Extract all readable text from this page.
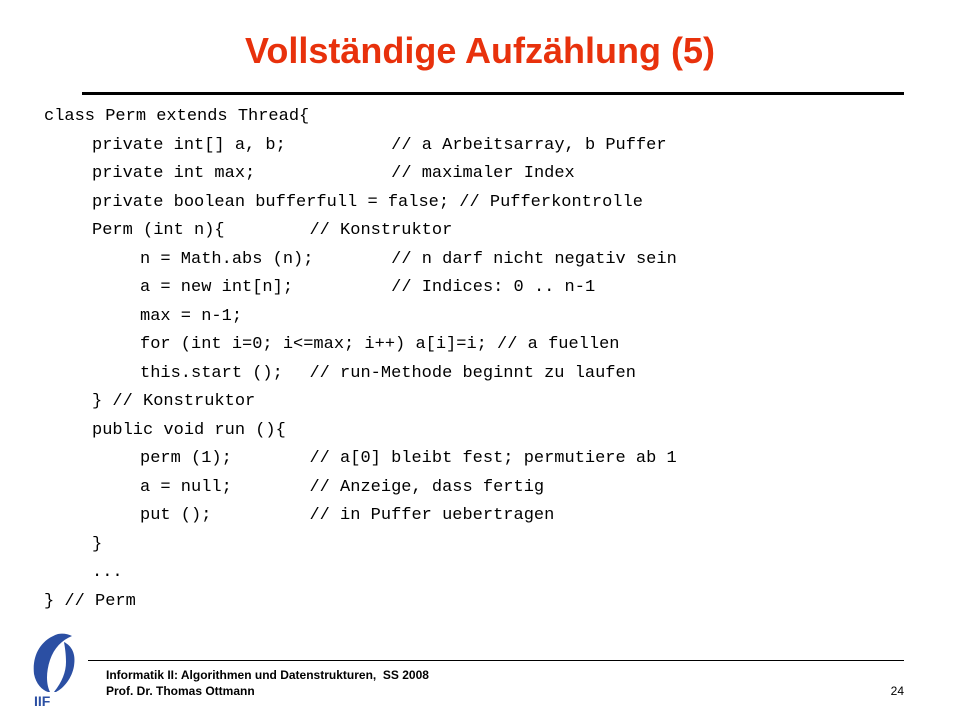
Vollständige Aufzählung (5)
class Perm extends Thread{
private int[] a, b;	// a Arbeitsarray, b Puffer
private int max;	// maximaler Index
private boolean bufferfull = false; // Pufferkontrolle
Perm (int n){	// Konstruktor
n = Math.abs (n);	// n darf nicht negativ sein
a = new int[n];	// Indices: 0 .. n-1
max = n-1;
for (int i=0; i<=max; i++) a[i]=i; // a fuellen
this.start (); // run-Methode beginnt zu laufen
} // Konstruktor
public void run (){
perm (1);	// a[0] bleibt fest; permutiere ab 1
a = null;	// Anzeige, dass fertig
put ();	// in Puffer uebertragen
}
...
} // Perm
IIF
Informatik II: Algorithmen und Datenstrukturen,  SS 2008
Prof. Dr. Thomas Ottmann	24
